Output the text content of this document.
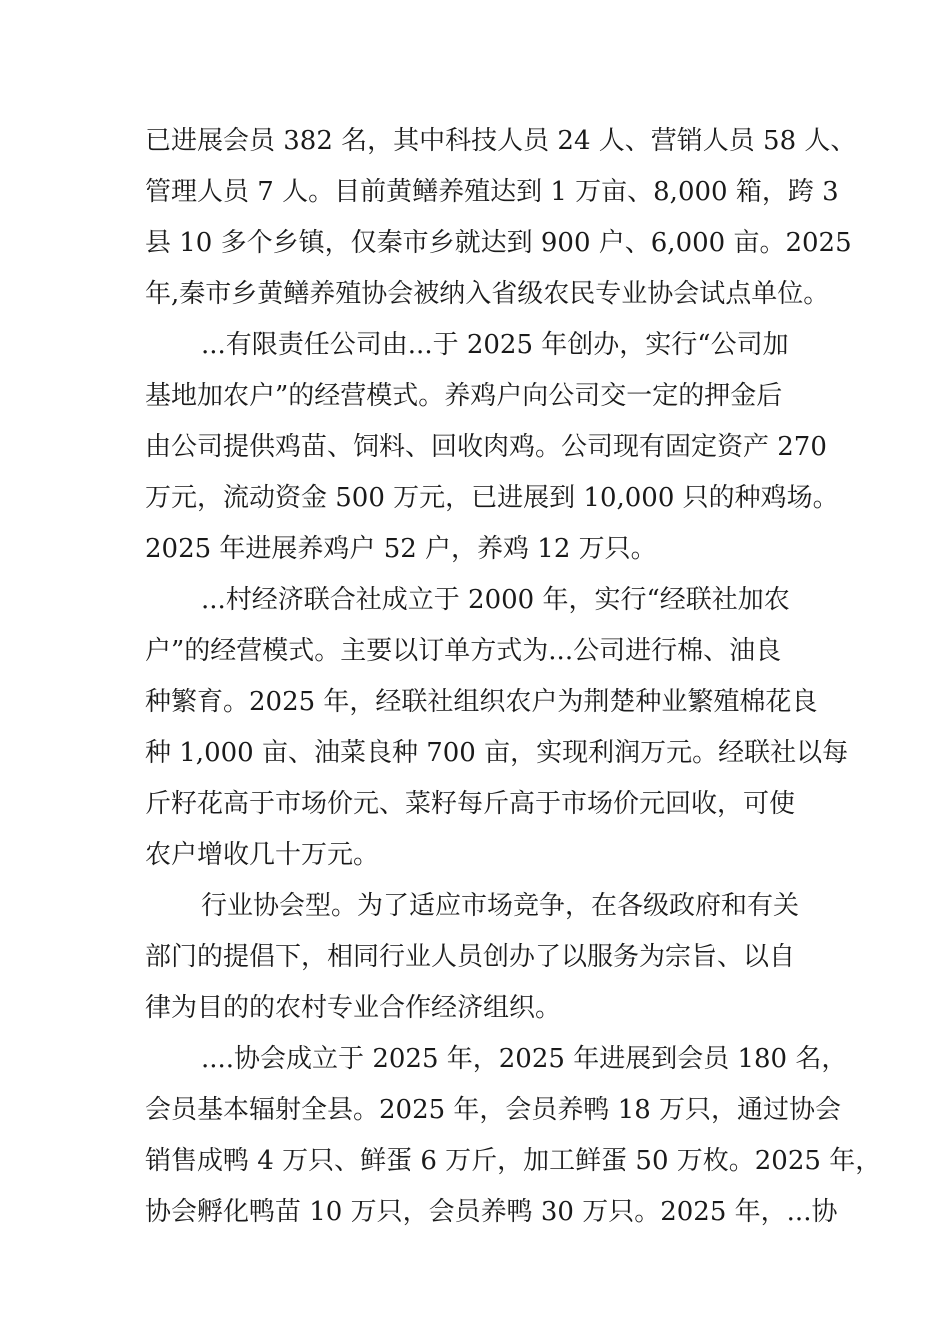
已进展会员 382 名，其中科技人员 24 人、营销人员 58 人、
管理人员 7 人。目前黄鳝养殖达到 1 万亩、8,000 箱，跨 3
县 10 多个乡镇，仅秦市乡就达到 900 户、6,000 亩。2025
年,秦市乡黄鳝养殖协会被纳入省级农民专业协会试点单位。
...有限责任公司由...于 2025 年创办，实行“公司加
基地加农户”的经营模式。养鸡户向公司交一定的押金后
由公司提供鸡苗、饲料、回收肉鸡。公司现有固定资产 270
万元，流动资金 500 万元，已进展到 10,000 只的种鸡场。
2025 年进展养鸡户 52 户，养鸡 12 万只。
...村经济联合社成立于 2000 年，实行“经联社加农
户”的经营模式。主要以订单方式为...公司进行棉、油良
种繁育。2025 年，经联社组织农户为荆楚种业繁殖棉花良
种 1,000 亩、油菜良种 700 亩，实现利润万元。经联社以每
斤籽花高于市场价元、菜籽每斤高于市场价元回收，可使
农户增收几十万元。
行业协会型。为了适应市场竞争，在各级政府和有关
部门的提倡下，相同行业人员创办了以服务为宗旨、以自
律为目的的农村专业合作经济组织。
....协会成立于 2025 年，2025 年进展到会员 180 名，
会员基本辐射全县。2025 年，会员养鸭 18 万只，通过协会
销售成鸭 4 万只、鲜蛋 6 万斤，加工鲜蛋 50 万枚。2025 年，
协会孵化鸭苗 10 万只，会员养鸭 30 万只。2025 年，...协
